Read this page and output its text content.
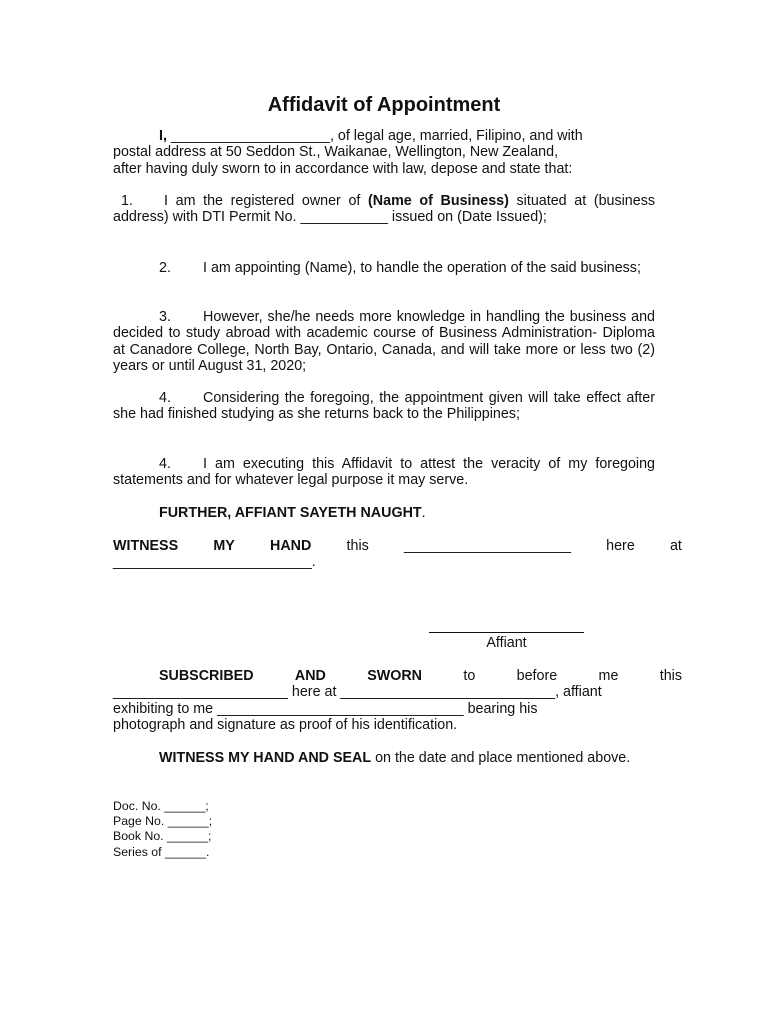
Affidavit of Appointment
I, ____________________, of legal age, married, Filipino, and with
postal address at 50 Seddon St., Waikanae, Wellington, New Zealand,
after having duly sworn to in accordance with law, depose and state that:
1. I am the registered owner of (Name of Business) situated at (business address) with DTI Permit No. ___________ issued on (Date Issued);
2. I am appointing (Name), to handle the operation of the said business;
3. However, she/he needs more knowledge in handling the business and decided to study abroad with academic course of Business Administration- Diploma at Canadore College, North Bay, Ontario, Canada, and will take more or less two (2) years or until August 31, 2020;
4. Considering the foregoing, the appointment given will take effect after she had finished studying as she returns back to the Philippines;
4. I am executing this Affidavit to attest the veracity of my foregoing statements and for whatever legal purpose it may serve.
FURTHER, AFFIANT SAYETH NAUGHT.
WITNESS MY HAND this _____________________ here at
_________________________.
Affiant
SUBSCRIBED	AND	SWORN	to	before	me	this
______________________ here at ___________________________, affiant
exhibiting to me _______________________________ bearing his
photograph and signature as proof of his identification.
WITNESS MY HAND AND SEAL on the date and place mentioned above.
Doc. No. ______;
Page No. ______;
Book No. ______;
Series of ______.
